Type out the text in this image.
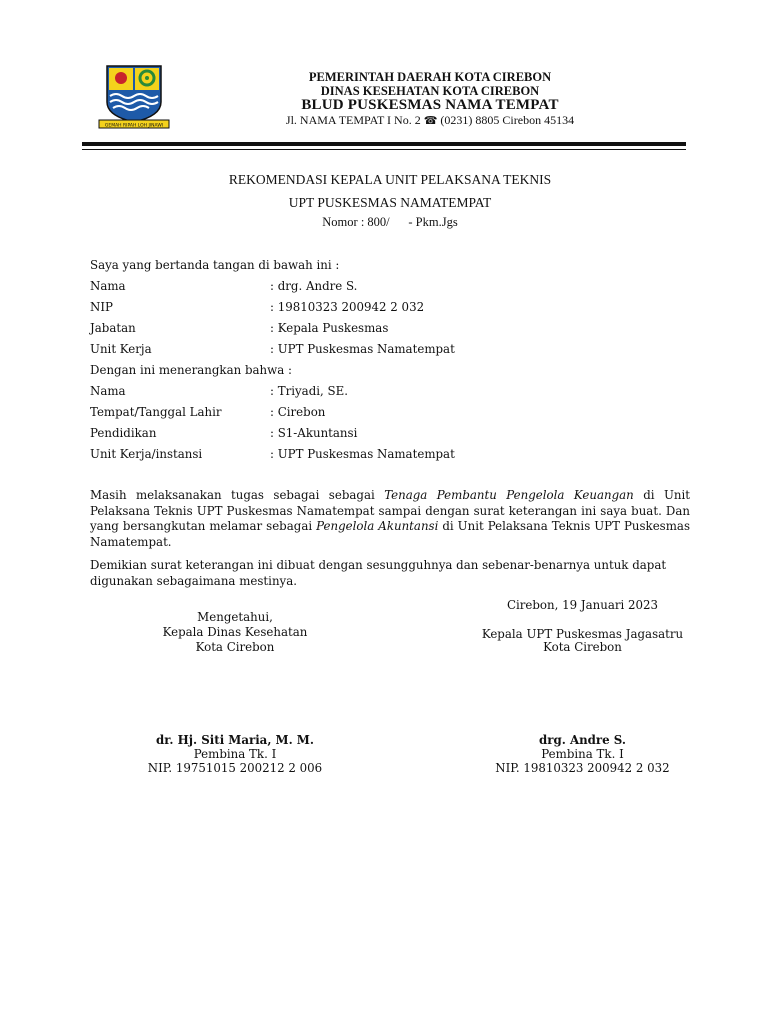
GEMAH RIPAH LOH JINAWI
PEMERINTAH DAERAH KOTA CIREBON
DINAS KESEHATAN KOTA CIREBON
BLUD PUSKESMAS NAMA TEMPAT
Jl. NAMA TEMPAT I No. 2 ☎ (0231) 8805 Cirebon 45134
REKOMENDASI KEPALA UNIT PELAKSANA TEKNIS
UPT PUSKESMAS NAMATEMPAT
Nomor : 800/      - Pkm.Jgs
Saya yang bertanda tangan di bawah ini :
Nama	: drg. Andre S.
NIP	: 19810323 200942 2 032
Jabatan	: Kepala Puskesmas
Unit Kerja	: UPT Puskesmas Namatempat
Dengan ini menerangkan bahwa :
Nama	: Triyadi, SE.
Tempat/Tanggal Lahir	: Cirebon
Pendidikan	: S1-Akuntansi
Unit Kerja/instansi	: UPT Puskesmas Namatempat
Masih melaksanakan tugas sebagai sebagai Tenaga Pembantu Pengelola Keuangan di Unit Pelaksana Teknis UPT Puskesmas Namatempat sampai dengan surat keterangan ini saya buat. Dan yang bersangkutan melamar sebagai Pengelola Akuntansi di Unit Pelaksana Teknis UPT Puskesmas Namatempat.
Demikian surat keterangan ini dibuat dengan sesungguhnya dan sebenar-benarnya untuk dapat digunakan sebagaimana mestinya.
Cirebon, 19 Januari 2023
Mengetahui,
Kepala Dinas Kesehatan
Kota Cirebon
dr. Hj. Siti Maria, M. M.
Pembina Tk. I
NIP. 19751015 200212 2 006
Kepala UPT Puskesmas Jagasatru
Kota Cirebon
drg. Andre S.
Pembina Tk. I
NIP. 19810323 200942 2 032
